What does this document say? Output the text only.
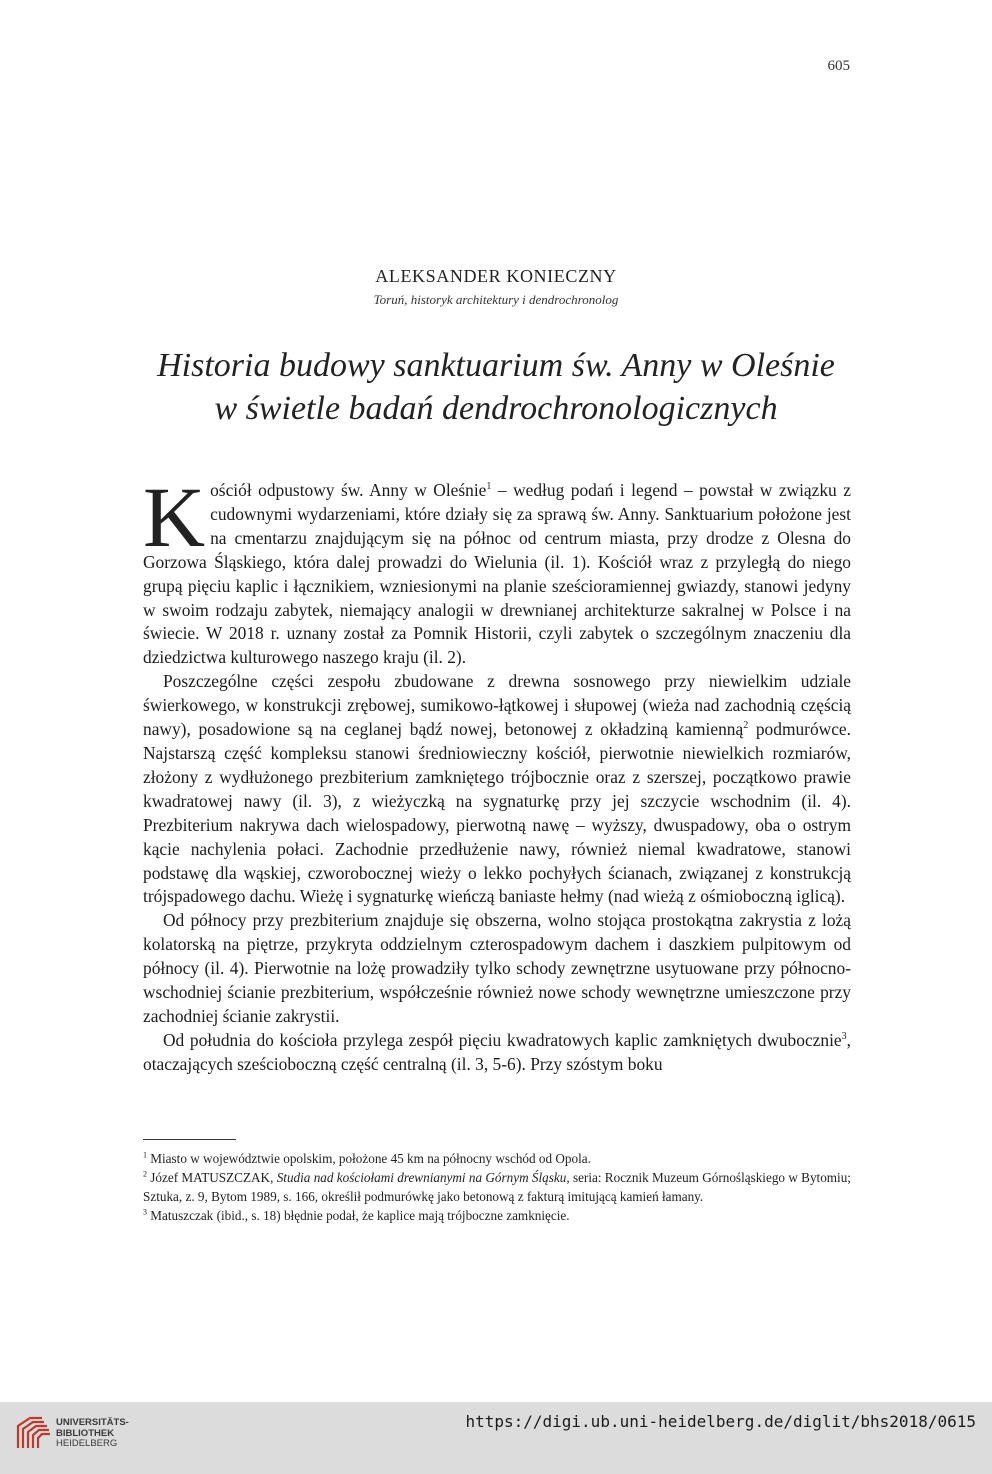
605
ALEKSANDER KONIECZNY
Toruń, historyk architektury i dendrochronolog
Historia budowy sanktuarium św. Anny w Oleśnie
w świetle badań dendrochronologicznych

Kościół odpustowy św. Anny w Oleśnie$^1$ – według podań i legend – powstał w związku z cudownymi wydarzeniami, które działy się za sprawą św. Anny. Sanktuarium położone jest na cmentarzu znajdującym się na północ od centrum miasta, przy drodze z Olesna do Gorzowa Śląskiego, która dalej prowadzi do Wielunia (il. 1). Kościół wraz z przyległą do niego grupą pięciu kaplic i łącznikiem, wzniesionymi na planie sześcioramiennej gwiazdy, stanowi jedyny w swoim rodzaju zabytek, niemający analogii w drewnianej architekturze sakralnej w Polsce i na świecie. W 2018 r. uznany został za Pomnik Historii, czyli zabytek o szczególnym znaczeniu dla dziedzictwa kulturowego naszego kraju (il. 2).

Poszczególne części zespołu zbudowane z drewna sosnowego przy niewielkim udziale świerkowego, w konstrukcji zrębowej, sumikowo-łątkowej i słupowej (wieża nad zachodnią częścią nawy), posadowione są na ceglanej bądź nowej, betonowej z okładziną kamienną$^2$ podmurówce. Najstarszą część kompleksu stanowi średniowieczny kościół, pierwotnie niewielkich rozmiarów, złożony z wydłużonego prezbiterium zamkniętego trójbocznie oraz z szerszej, początkowo prawie kwadratowej nawy (il. 3), z wieżyczką na sygnaturkę przy jej szczycie wschodnim (il. 4). Prezbiterium nakrywa dach wielospadowy, pierwotną nawę – wyższy, dwuspadowy, oba o ostrym kącie nachylenia połaci. Zachodnie przedłużenie nawy, również niemal kwadratowe, stanowi podstawę dla wąskiej, czworobocznej wieży o lekko pochyłych ścianach, związanej z konstrukcją trójspadowego dachu. Wieżę i sygnaturkę wieńczą baniaste hełmy (nad wieżą z ośmioboczną iglicą).

Od północy przy prezbiterium znajduje się obszerna, wolno stojąca prostokątna zakrystia z lożą kolatorską na piętrze, przykryta oddzielnym czterospadowym dachem i daszkiem pulpitowym od północy (il. 4). Pierwotnie na lożę prowadziły tylko schody zewnętrzne usytuowane przy północno-wschodniej ścianie prezbiterium, współcześnie również nowe schody wewnętrzne umieszczone przy zachodniej ścianie zakrystii.

Od południa do kościoła przylega zespół pięciu kwadratowych kaplic zamkniętych dwubocznie$^3$, otaczających sześcioboczną część centralną (il. 3, 5-6). Przy szóstym boku

$^1$ Miasto w województwie opolskim, położone 45 km na północny wschód od Opola.
$^2$ Józef MATUSZCZAK, Studia nad kościołami drewnianymi na Górnym Śląsku, seria: Rocznik Muzeum Górnośląskiego w Bytomiu; Sztuka, z. 9, Bytom 1989, s. 166, określił podmurówkę jako betonową z fakturą imitującą kamień łamany.
$^3$ Matuszczak (ibid., s. 18) błędnie podał, że kaplice mają trójboczne zamknięcie.
UNIVERSITÄTS-
BIBLIOTHEK
HEIDELBERG
https://digi.ub.uni-heidelberg.de/diglit/bhs2018/0615
